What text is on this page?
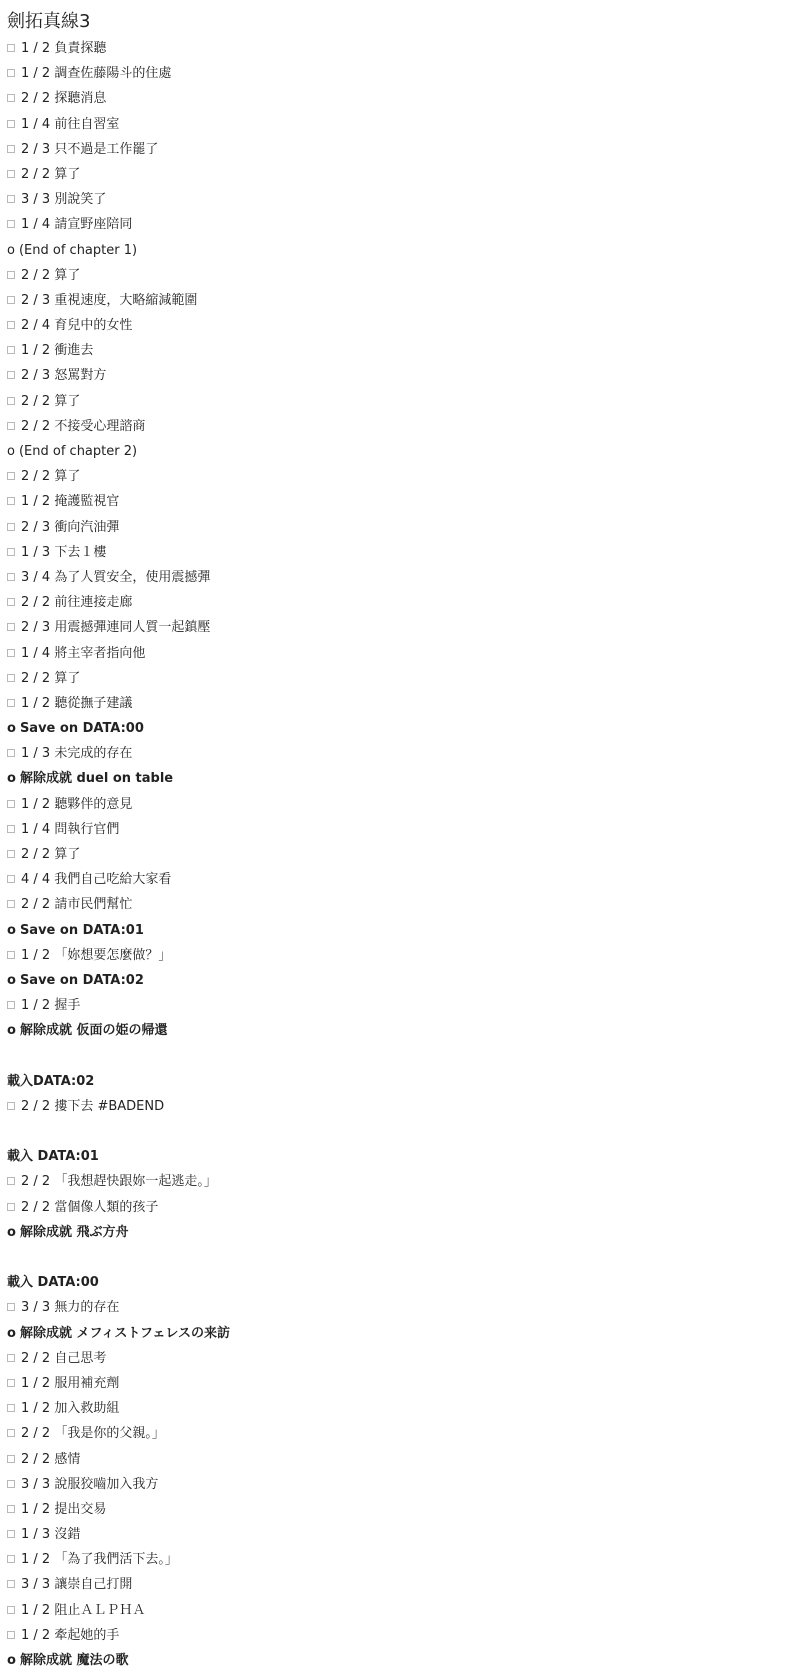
劍拓真線3
1 / 2 負責探聽
1 / 2 調查佐藤陽斗的住處
2 / 2 探聽消息
1 / 4 前往自習室
2 / 3 只不過是工作罷了
2 / 2 算了
3 / 3 別說笑了
1 / 4 請宣野座陪同
o (End of chapter 1)
2 / 2 算了
2 / 3 重視速度，大略縮減範圍
2 / 4 育兒中的女性
1 / 2 衝進去
2 / 3 怒罵對方
2 / 2 算了
2 / 2 不接受心理諮商
o (End of chapter 2)
2 / 2 算了
1 / 2 掩護監視官
2 / 3 衝向汽油彈
1 / 3 下去１樓
3 / 4 為了人質安全，使用震撼彈
2 / 2 前往連接走廊
2 / 3 用震撼彈連同人質一起鎮壓
1 / 4 將主宰者指向他
2 / 2 算了
1 / 2 聽從撫子建議
o Save on DATA:00
1 / 3 未完成的存在
o 解除成就 duel on table
1 / 2 聽夥伴的意見
1 / 4 問執行官們
2 / 2 算了
4 / 4 我們自己吃給大家看
2 / 2 請市民們幫忙
o Save on DATA:01
1 / 2 「妳想要怎麼做？」
o Save on DATA:02
1 / 2 握手
o 解除成就 仮面の姫の帰還
載入DATA:02
2 / 2 摟下去 #BADEND
載入 DATA:01
2 / 2 「我想趕快跟妳一起逃走。」
2 / 2 當個像人類的孩子
o 解除成就 飛ぶ方舟
載入 DATA:00
3 / 3 無力的存在
o 解除成就 メフィストフェレスの来訪
2 / 2 自己思考
1 / 2 服用補充劑
1 / 2 加入救助組
2 / 2 「我是你的父親。」
2 / 2 感情
3 / 3 說服狡嚙加入我方
1 / 2 提出交易
1 / 3 沒錯
1 / 2 「為了我們活下去。」
3 / 3 讓崇自己打開
1 / 2 阻止ＡＬＰＨＡ
1 / 2 牽起她的手
o 解除成就 魔法の歌
